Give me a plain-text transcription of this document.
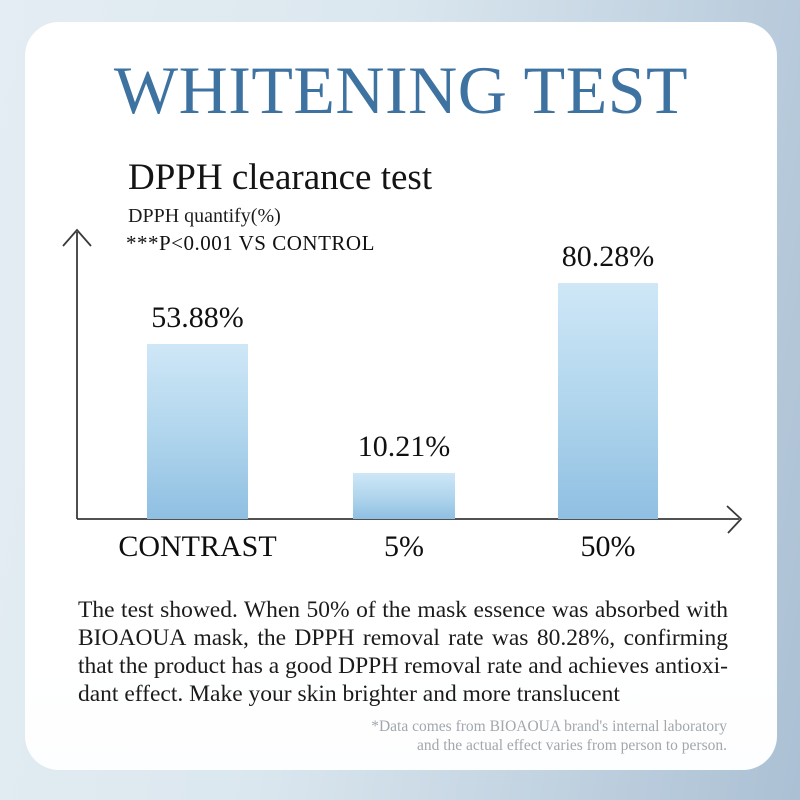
WHITENING TEST
DPPH clearance test
DPPH quantify(%)
***P<0.001 VS CONTROL
53.88%
CONTRAST
10.21%
5%
80.28%
50%
The test showed. When 50% of the mask essence was absorbed with
BIOAOUA mask, the DPPH removal rate was 80.28%, confirming
that the product has a good DPPH removal rate and achieves antioxi-
dant effect. Make your skin brighter and more translucent
*Data comes from BIOAOUA brand's internal laboratory
and the actual effect varies from person to person.
